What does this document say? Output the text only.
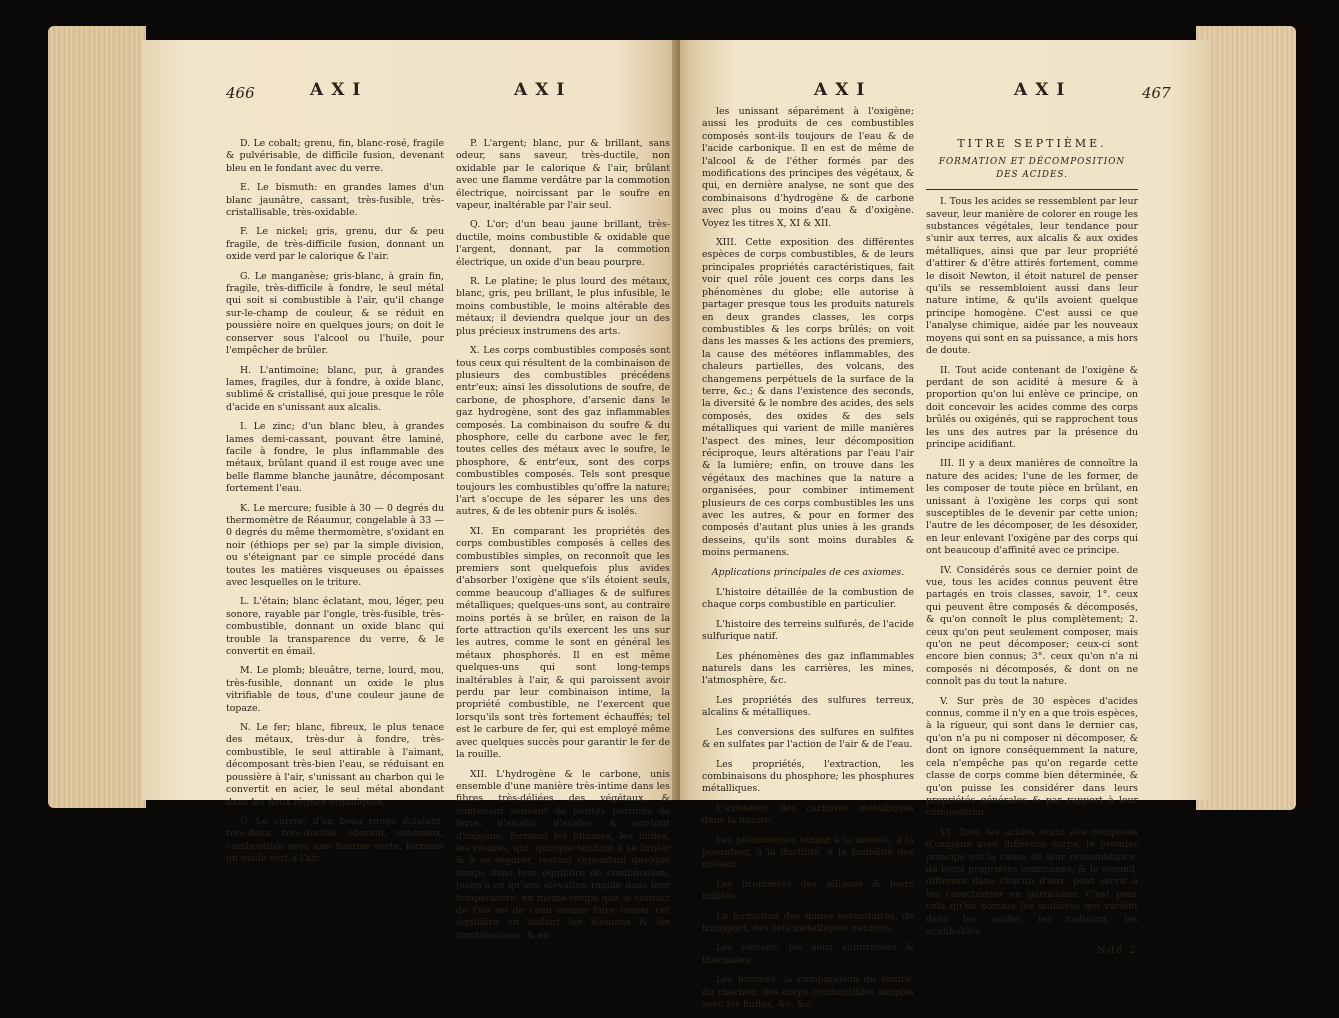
466	AXI	AXI

D. Le cobalt; grenu, fin, blanc-rosé, fragile & pulvérisable, de difficile fusion, devenant bleu en le fondant avec du verre.

E. Le bismuth: en grandes lames d'un blanc jaunâtre, cassant, très-fusible, très-cristallisable, très-oxidable.

F. Le nickel; gris, grenu, dur & peu fragile, de très-difficile fusion, donnant un oxide verd par le calorique & l'air.

G. Le manganèse; gris-blanc, à grain fin, fragile, très-difficile à fondre, le seul métal qui soit si combustible à l'air, qu'il change sur-le-champ de couleur, & se réduit en poussière noire en quelques jours; on doit le conserver sous l'alcool ou l'huile, pour l'empêcher de brûler.

H. L'antimoine; blanc, pur, à grandes lames, fragiles, dur à fondre, à oxide blanc, sublimé & cristallisé, qui joue presque le rôle d'acide en s'unissant aux alcalis.

I. Le zinc; d'un blanc bleu, à grandes lames demi-cassant, pouvant être laminé, facile à fondre, le plus inflammable des métaux, brûlant quand il est rouge avec une belle flamme blanche jaunâtre, décomposant fortement l'eau.

K. Le mercure; fusible à 30 — 0 degrés du thermomètre de Réaumur, congelable à 33 — 0 degrés du même thermomètre, s'oxidant en noir (éthiops per se) par la simple division, ou s'éteignant par ce simple procédé dans toutes les matières visqueuses ou épaisses avec lesquelles on le triture.

L. L'étain; blanc éclatant, mou, léger, peu sonore, rayable par l'ongle, très-fusible, très-combustible, donnant un oxide blanc qui trouble la transparence du verre, & le convertit en émail.

M. Le plomb; bleuâtre, terne, lourd, mou, très-fusible, donnant un oxide le plus vitrifiable de tous, d'une couleur jaune de topaze.

N. Le fer; blanc, fibreux, le plus tenace des métaux, très-dur à fondre, très-combustible, le seul attirable à l'aimant, décomposant très-bien l'eau, se réduisant en poussière à l'air, s'unissant au charbon qui le convertit en acier, le seul métal abondant dans les deux règnes organiques.

O. Le cuivre; d'un beau rouge éclatant, très-doux, très-ductile, odorant, vénéneux, combustible avec une flamme verte, formant un oxide vert à l'air.

P. L'argent; blanc, pur & brillant, sans odeur, sans saveur, très-ductile, non oxidable par le calorique & l'air, brûlant avec une flamme verdâtre par la commotion électrique, noircissant par le soufre en vapeur, inaltérable par l'air seul.

Q. L'or; d'un beau jaune brillant, très-ductile, moins combustible & oxidable que l'argent, donnant, par la commotion électrique, un oxide d'un beau pourpre.

R. Le platine; le plus lourd des métaux, blanc, gris, peu brillant, le plus infusible, le moins combustible, le moins altérable des métaux; il deviendra quelque jour un des plus précieux instrumens des arts.

X. Les corps combustibles composés sont tous ceux qui résultent de la combinaison de plusieurs des combustibles précédens entr'eux; ainsi les dissolutions de soufre, de carbone, de phosphore, d'arsenic dans le gaz hydrogène, sont des gaz inflammables composés. La combinaison du soufre & du phosphore, celle du carbone avec le fer, toutes celles des métaux avec le soufre, le phosphore, & entr'eux, sont des corps combustibles composés. Tels sont presque toujours les combustibles qu'offre la nature; l'art s'occupe de les séparer les uns des autres, & de les obtenir purs & isolés.

XI. En comparant les propriétés des corps combustibles composés à celles des combustibles simples, on reconnoît que les premiers sont quelquefois plus avides d'absorber l'oxigène que s'ils étoient seuls, comme beaucoup d'alliages & de sulfures métalliques; quelques-uns sont, au contraire moins portés à se brûler, en raison de la forte attraction qu'ils exercent les uns sur les autres, comme le sont en général les métaux phosphorés. Il en est même quelques-uns qui sont long-temps inaltérables à l'air, & qui paroissent avoir perdu par leur combinaison intime, la propriété combustible, ne l'exercent que lorsqu'ils sont très fortement échauffés; tel est le carbure de fer, qui est employé même avec quelques succès pour garantir le fer de la rouille.

XII. L'hydrogène & le carbone, unis ensemble d'une manière très-intime dans les fibres très-déliées des végétaux, & contenant souvent de petites portions de terre, d'alcalis, d'acides, & sur-tout d'oxigène, forment les bitumes, les huiles, les résines, qui, quoique tendant à se brûler & à se séparer, restent cependant quelque temps dans leur équilibre de combinaison, jusqu'à ce qu'une élévation rapide dans leur température, en même-temps que le contact de l'air ou de l'eau vienne faire cesser cet équilibre en isolant les élémens & les combinaisons, & en

AXI	AXI	467

les unissant séparément à l'oxigène; aussi les produits de ces combustibles composés sont-ils toujours de l'eau & de l'acide carbonique. Il en est de même de l'alcool & de l'éther formés par des modifications des principes des végétaux, & qui, en dernière analyse, ne sont que des combinaisons d'hydrogène & de carbone avec plus ou moins d'eau & d'oxigène. Voyez les titres X, XI & XII.

XIII. Cette exposition des différentes espèces de corps combustibles, & de leurs principales propriétés caractéristiques, fait voir quel rôle jouent ces corps dans les phénomènes du globe; elle autorise à partager presque tous les produits naturels en deux grandes classes, les corps combustibles & les corps brûlés; on voit dans les masses & les actions des premiers, la cause des météores inflammables, des chaleurs partielles, des volcans, des changemens perpétuels de la surface de la terre, &c.; & dans l'existence des seconds, la diversité & le nombre des acides, des sels composés, des oxides & des sels métalliques qui varient de mille manières l'aspect des mines, leur décomposition réciproque, leurs altérations par l'eau l'air & la lumière; enfin, on trouve dans les végétaux des machines que la nature a organisées, pour combiner intimement plusieurs de ces corps combustibles les uns avec les autres, & pour en former des composés d'autant plus unies à les grands desseins, qu'ils sont moins durables & moins permanens.

Applications principales de ces axiomes.

L'histoire détaillée de la combustion de chaque corps combustible en particulier.

L'histoire des terreins sulfurés, de l'acide sulfurique natif.

Les phénomènes des gaz inflammables naturels dans les carrières, les mines, l'atmosphère, &c.

Les propriétés des sulfures terreux, alcalins & métalliques.

Les conversions des sulfures en sulfites & en sulfates par l'action de l'air & de l'eau.

Les propriétés, l'extraction, les combinaisons du phosphore; les phosphures métalliques.

L'existence des carbures métalliques dans la nature.

Les phénomènes tenant à la densité, à la pesanteur, à la ductilité, à la fusibilité des métaux.

Les propriétés des alliages & leurs utilités.

La formation des mines secondaires, de transport, des sels métalliques naturels.

Les volcans, les eaux sulfureuses & thermales.

Les bitumes, la comparaison du soufre, du charbon, des corps combustibles simples avec les huiles, &c. &c.

TITRE SEPTIÈME.

FORMATION ET DÉCOMPOSITION DES ACIDES.

I. Tous les acides se ressemblent par leur saveur, leur manière de colorer en rouge les substances végétales, leur tendance pour s'unir aux terres, aux alcalis & aux oxides métalliques, ainsi que par leur propriété d'attirer & d'être attirés fortement, comme le disoit Newton, il étoit naturel de penser qu'ils se ressembloient aussi dans leur nature intime, & qu'ils avoient quelque principe homogène. C'est aussi ce que l'analyse chimique, aidée par les nouveaux moyens qui sont en sa puissance, a mis hors de doute.

II. Tout acide contenant de l'oxigène & perdant de son acidité à mesure & à proportion qu'on lui enlève ce principe, on doit concevoir les acides comme des corps brûlés ou oxigénés, qui se rapprochent tous les uns des autres par la présence du principe acidifiant.

III. Il y a deux manières de connoître la nature des acides; l'une de les former, de les composer de toute pièce en brûlant, en unissant à l'oxigène les corps qui sont susceptibles de le devenir par cette union; l'autre de les décomposer, de les désoxider, en leur enlevant l'oxigène par des corps qui ont beaucoup d'affinité avec ce principe.

IV. Considérés sous ce dernier point de vue, tous les acides connus peuvent être partagés en trois classes, savoir, 1°. ceux qui peuvent être composés & décomposés, & qu'on connoît le plus complètement; 2. ceux qu'on peut seulement composer, mais qu'on ne peut décomposer; ceux-ci sont encore bien connus; 3°. ceux qu'on n'a ni composés ni décomposés, & dont on ne connoît pas du tout la nature.

V. Sur près de 30 espèces d'acides connus, comme il n'y en a que trois espèces, à la rigueur, qui sont dans le dernier cas, qu'on n'a pu ni composer ni décomposer, & dont on ignore conséquemment la nature, cela n'empêche pas qu'on regarde cette classe de corps comme bien déterminée, & qu'on puisse les considérer dans leurs propriétés générales & par rapport à leur composition.

VI. Tous les acides étant des composés d'oxigène avec différens corps, le premier principe est la cause de leur ressemblance, de leurs propriétés communes, & le second, différent dans chacun d'eux, peut servir à les caractériser en particulier. C'est pour cela qu'on nomme les matières qui varient dans les acides, les radicaux, les acidifiables.

Ndd 2
